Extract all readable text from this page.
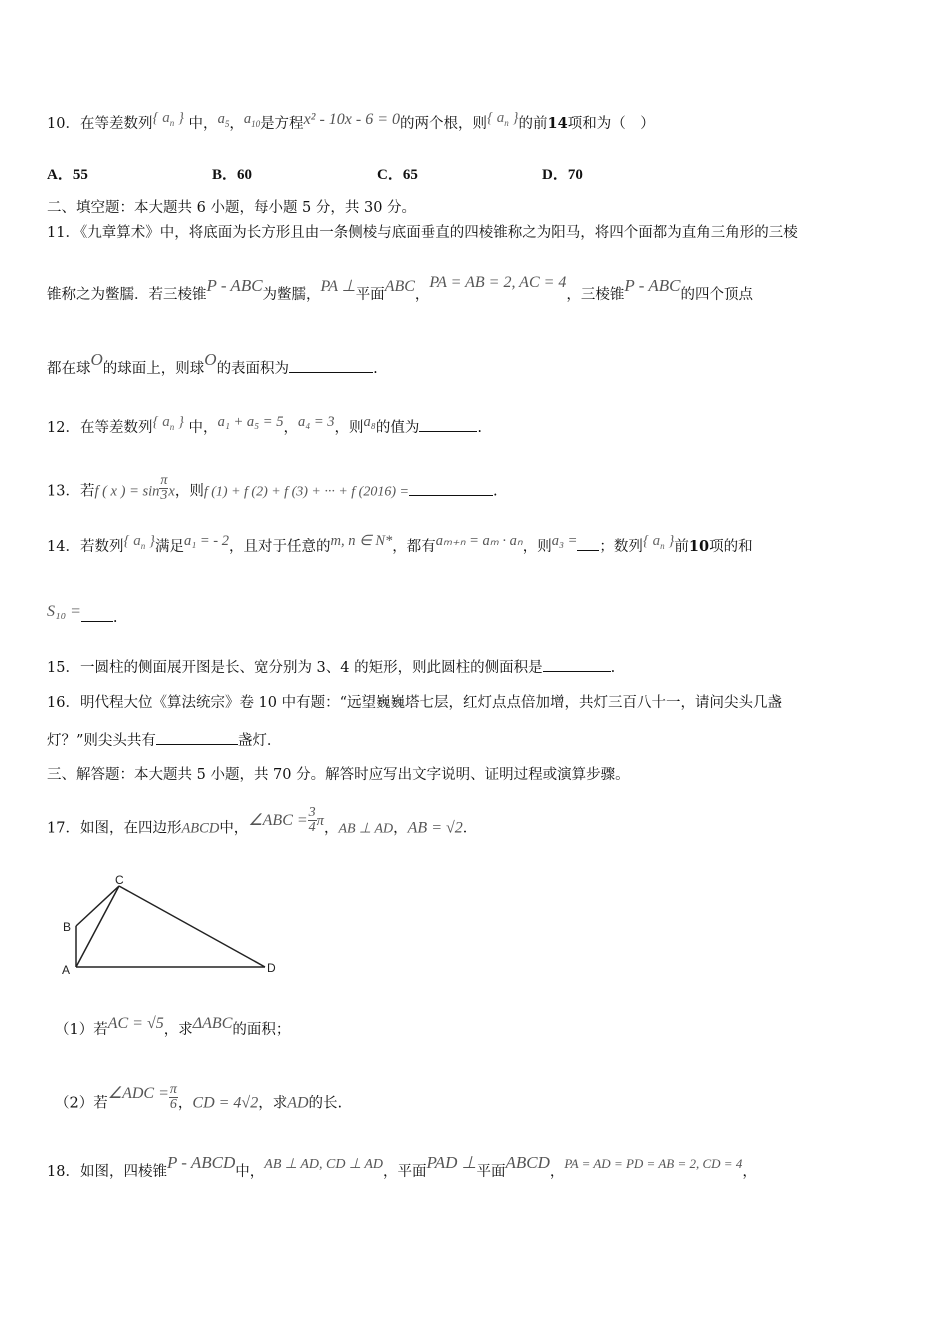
10．在等差数列{ $a_n$ } 中，$a_5$，$a_{10}$是方程x² - 10x - 6 = 0的两个根，则{ $a_n$ }的前14项和为（　）
A．55	B．60	C．65	D．70
二、填空题：本大题共 6 小题，每小题 5 分，共 30 分。
11．《九章算术》中，将底面为长方形且由一条侧棱与底面垂直的四棱锥称之为阳马，将四个面都为直角三角形的三棱
锥称之为鳖臑．若三棱锥P - ABC为鳖臑，PA ⊥平面ABC，PA = AB = 2, AC = 4，三棱锥P - ABC的四个顶点
都在球O的球面上，则球O的表面积为	.
12．在等差数列{ $a_n$ } 中，a₁ + a₅ = 5，a₄ = 3，则a₈的值为	.
13．若f ( x ) = $\sin \frac{\pi}{3}$ x，则f (1) + f (2) + f (3) + ··· + f (2016) =	.
14．若数列{ $a_n$ }满足a₁ = - 2，且对于任意的m, n ∈ N*，都有aₘ₊ₙ = aₘ · aₙ，则a₃ = ；数列{ $a_n$ }前10项的和
S₁₀ = .
15．一圆柱的侧面展开图是长、宽分别为 3、4 的矩形，则此圆柱的侧面积是	.
16．明代程大位《算法统宗》卷 10 中有题：“远望巍巍塔七层，红灯点点倍加增，共灯三百八十一，请问尖头几盏
灯？”则尖头共有	盏灯．
三、解答题：本大题共 5 小题，共 70 分。解答时应写出文字说明、证明过程或演算步骤。
17．如图，在四边形ABCD中，∠ABC = $\frac{3}{4}$ π，AB ⊥ AD，AB = √2．
C
B
A	D
（1）若AC = √5，求ΔABC的面积；
（2）若∠ADC = $\frac{\pi}{6}$ ，CD = 4√2，求AD的长.
18．如图，四棱锥P - ABCD中，AB ⊥ AD, CD ⊥ AD，平面PAD ⊥平面ABCD，PA = AD = PD = AB = 2, CD = 4，
